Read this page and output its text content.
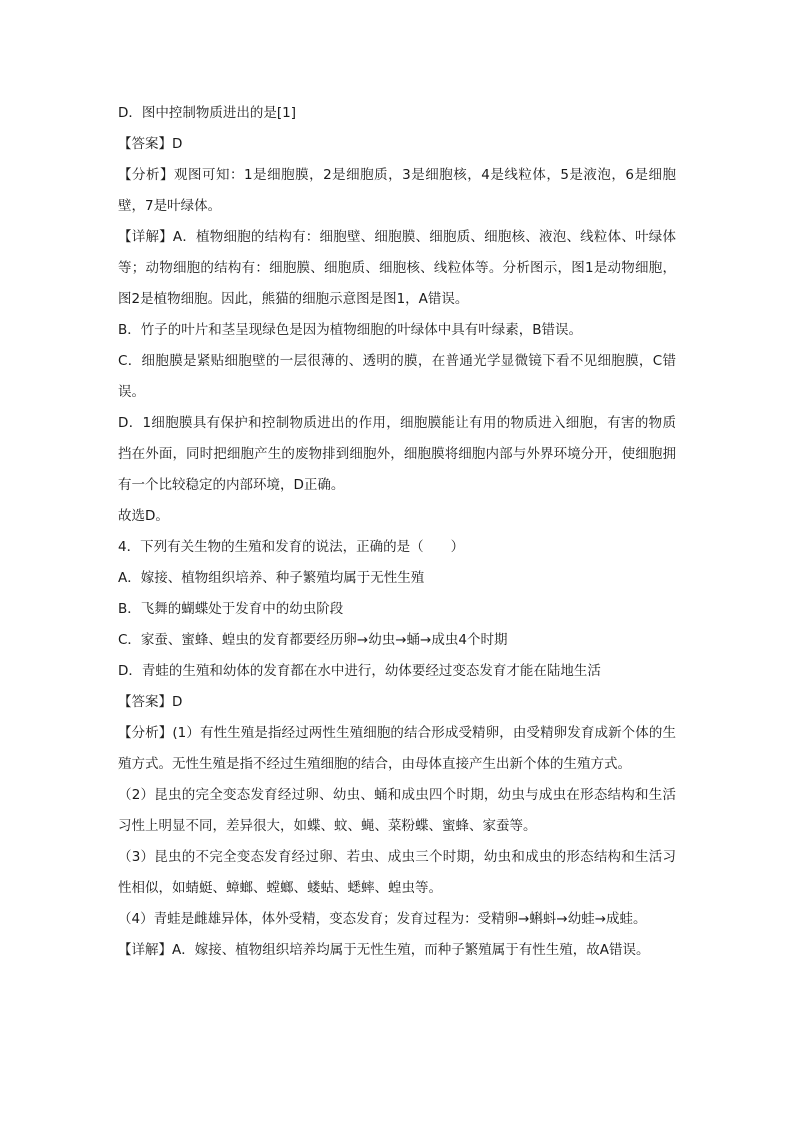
D．图中控制物质进出的是[1]

【答案】D

【分析】观图可知：1是细胞膜，2是细胞质，3是细胞核，4是线粒体，5是液泡，6是细胞壁，7是叶绿体。

【详解】A．植物细胞的结构有：细胞壁、细胞膜、细胞质、细胞核、液泡、线粒体、叶绿体等；动物细胞的结构有：细胞膜、细胞质、细胞核、线粒体等。分析图示，图1是动物细胞，图2是植物细胞。因此，熊猫的细胞示意图是图1，A错误。

B．竹子的叶片和茎呈现绿色是因为植物细胞的叶绿体中具有叶绿素，B错误。

C．细胞膜是紧贴细胞壁的一层很薄的、透明的膜，在普通光学显微镜下看不见细胞膜，C错误。

D．1细胞膜具有保护和控制物质进出的作用，细胞膜能让有用的物质进入细胞，有害的物质挡在外面，同时把细胞产生的废物排到细胞外，细胞膜将细胞内部与外界环境分开，使细胞拥有一个比较稳定的内部环境，D正确。

故选D。

4．下列有关生物的生殖和发育的说法，正确的是（　　）

A．嫁接、植物组织培养、种子繁殖均属于无性生殖

B．飞舞的蝴蝶处于发育中的幼虫阶段

C．家蚕、蜜蜂、蝗虫的发育都要经历卵→幼虫→蛹→成虫4个时期

D．青蛙的生殖和幼体的发育都在水中进行，幼体要经过变态发育才能在陆地生活

【答案】D

【分析】(1）有性生殖是指经过两性生殖细胞的结合形成受精卵，由受精卵发育成新个体的生殖方式。无性生殖是指不经过生殖细胞的结合，由母体直接产生出新个体的生殖方式。

（2）昆虫的完全变态发育经过卵、幼虫、蛹和成虫四个时期，幼虫与成虫在形态结构和生活习性上明显不同，差异很大，如蝶、蚊、蝇、菜粉蝶、蜜蜂、家蚕等。

（3）昆虫的不完全变态发育经过卵、若虫、成虫三个时期，幼虫和成虫的形态结构和生活习性相似，如蜻蜓、蟑螂、螳螂、蝼蛄、蟋蟀、蝗虫等。

（4）青蛙是雌雄异体，体外受精，变态发育；发育过程为：受精卵→蝌蚪→幼蛙→成蛙。

【详解】A．嫁接、植物组织培养均属于无性生殖，而种子繁殖属于有性生殖，故A错误。
